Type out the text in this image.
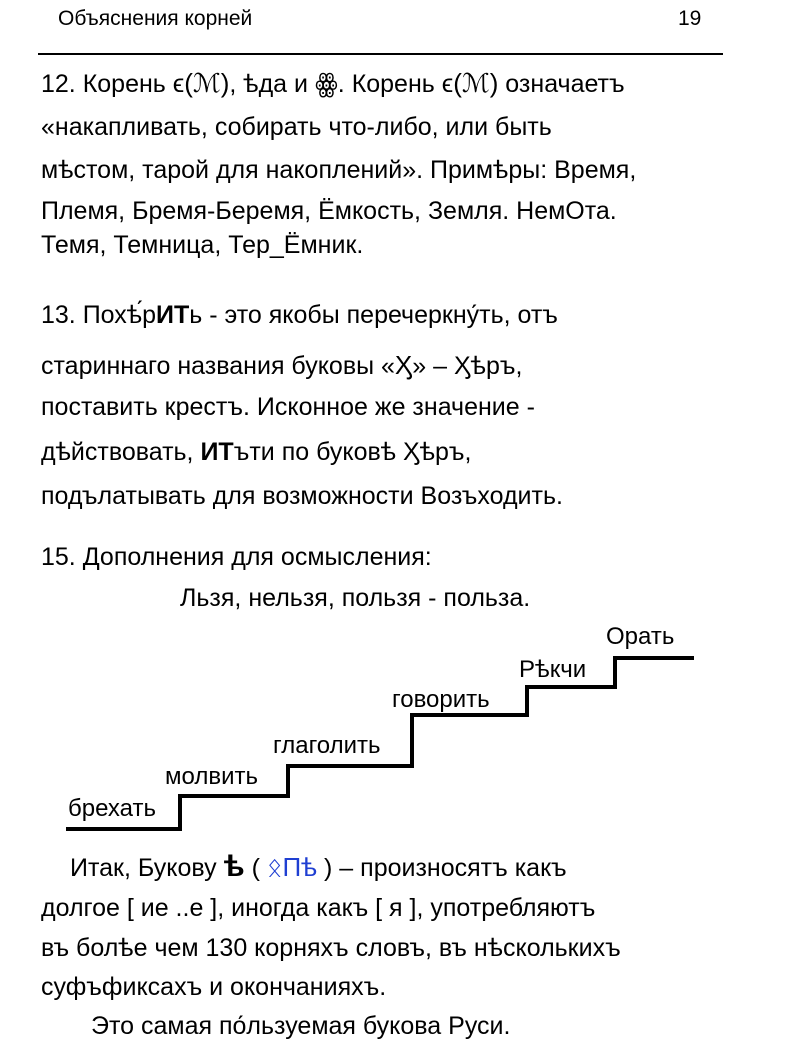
Объяснения корней	19
12. Корень ϵ(ℳ), ѣда и ꙮ. Корень ϵ(ℳ) означаетъ
«накапливать, собирать что-либо, или быть
мѣстом, тарой для накоплений». Примѣры: Время,
Племя, Бремя-Беремя, Ёмкость, Земля. НемОта.
Темя, Темница, Тер_Ёмник.
13. Похѣ́рИТь - это якобы перечеркну́ть, отъ
стариннаго названия буковы «Ӽ» – Ӽѣръ,
поставить крестъ. Исконное же значение -
дѣйствовать, ИТъти по буковѣ Ӽѣръ,
подълатывать для возможности Возъходить.
15. Дополнения для осмысления:
Льзя, нельзя, пользя - польза.
брехать
молвить
глаголить
говорить
Рѣкчи
Орать
Итак, Букову ѣ ( ᛟПѣ ) – произносятъ какъ
долгое [ ие ..е ], иногда какъ [ я ], употребляютъ
въ болѣе чем 130 корняхъ словъ, въ нѣсколькихъ
суфъфиксахъ и окончанияхъ.
Это самая по́льзуемая букова Руси.
